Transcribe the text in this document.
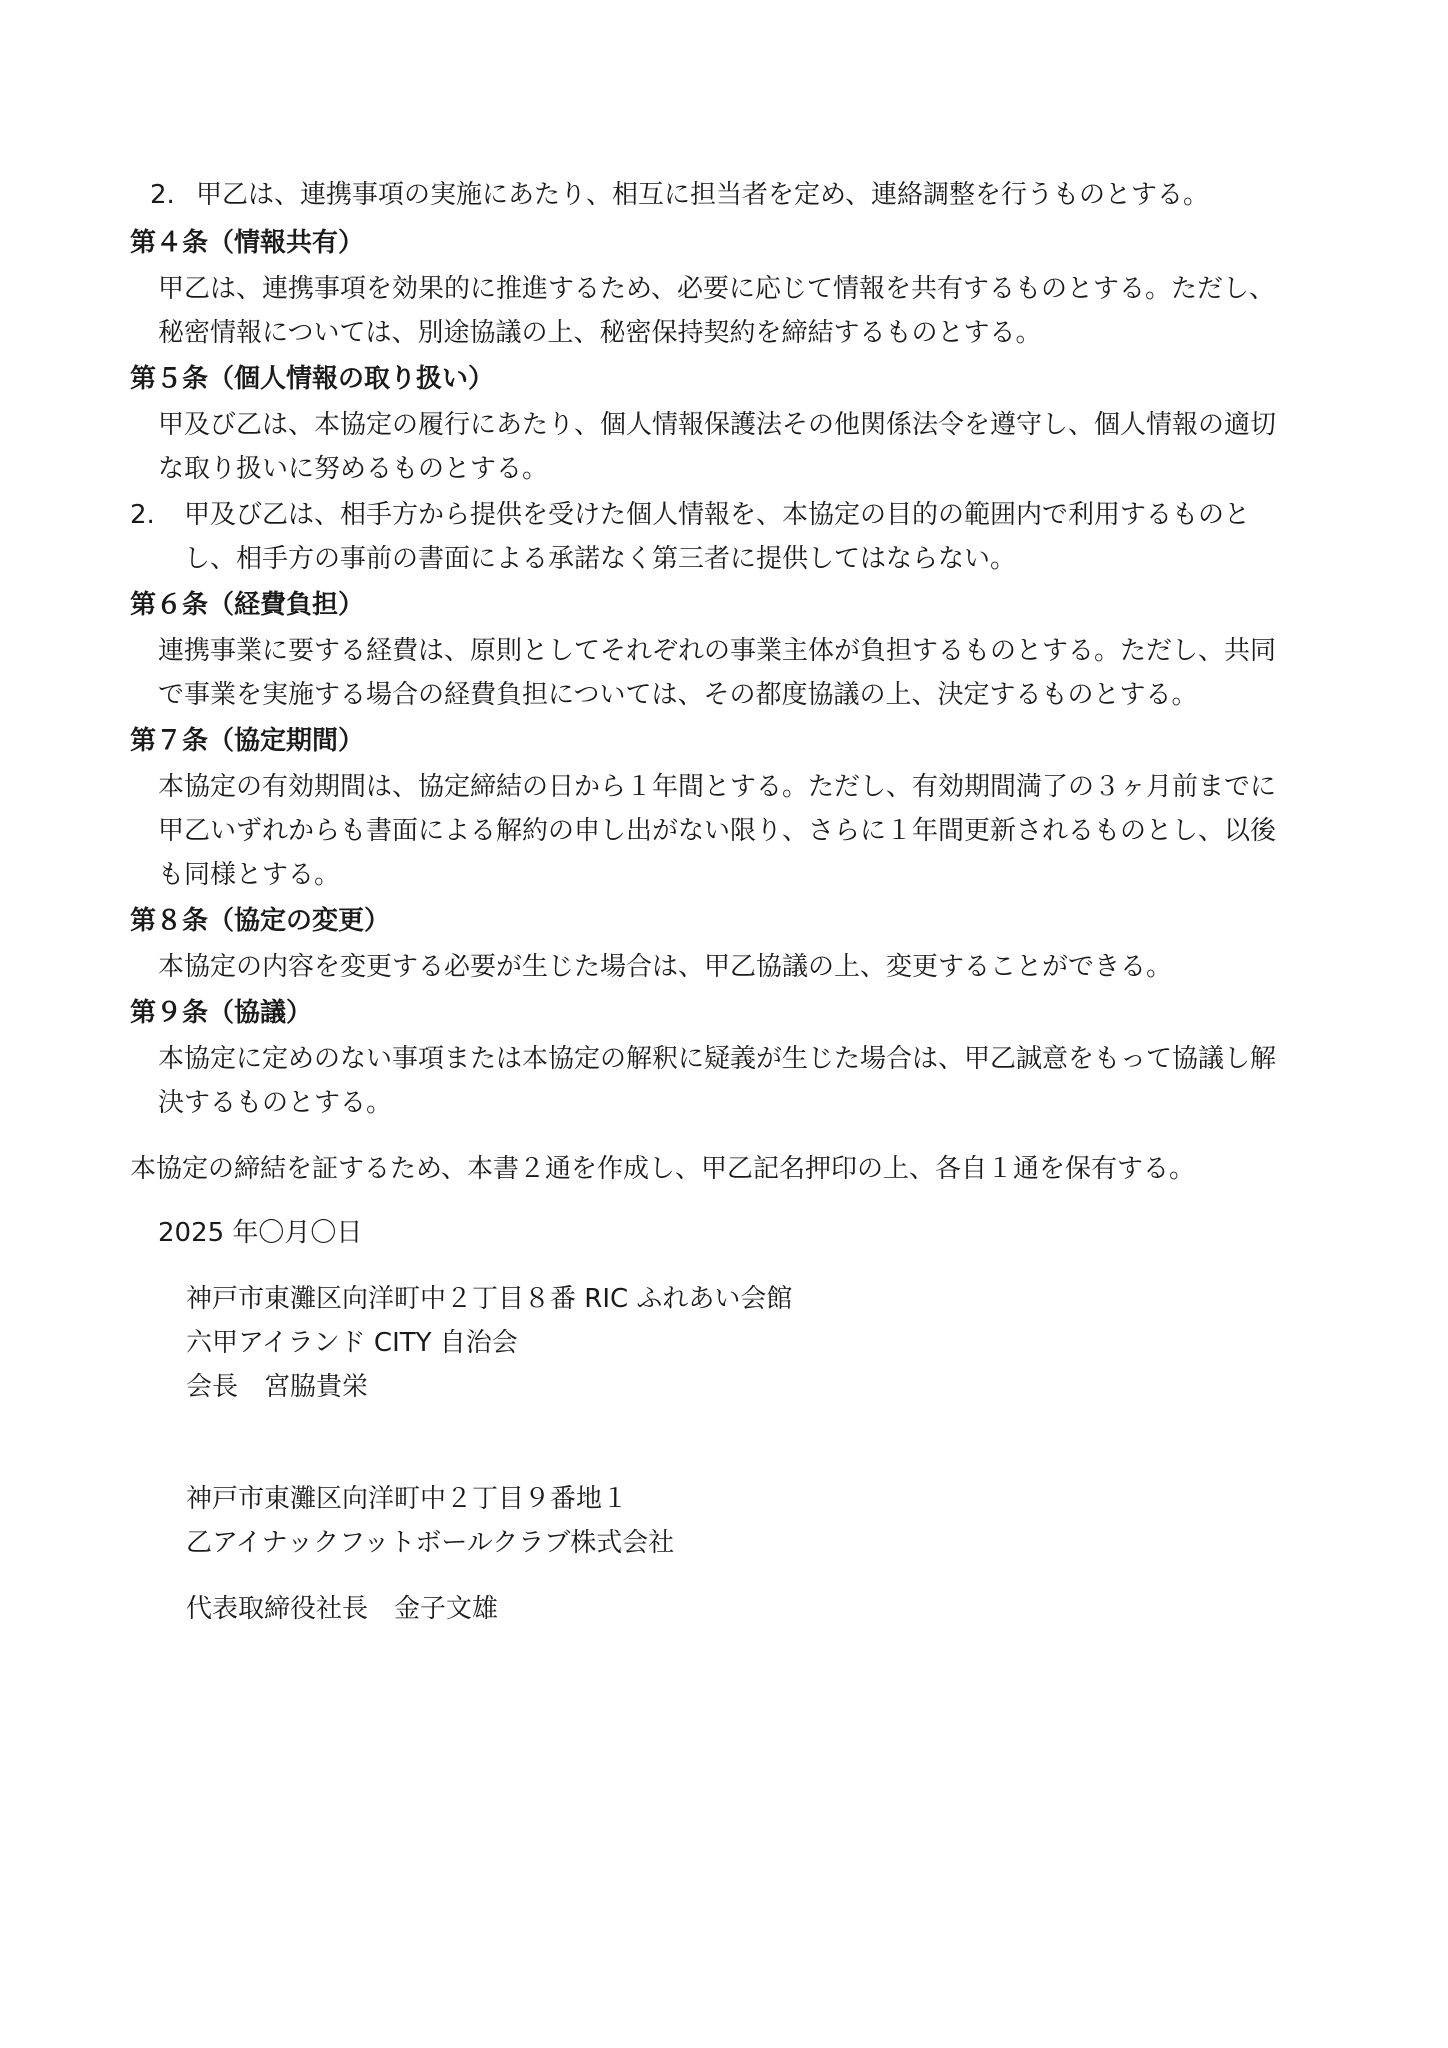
2. 甲乙は、連携事項の実施にあたり、相互に担当者を定め、連絡調整を行うものとする。
第４条（情報共有）
甲乙は、連携事項を効果的に推進するため、必要に応じて情報を共有するものとする。ただし、
秘密情報については、別途協議の上、秘密保持契約を締結するものとする。
第５条（個人情報の取り扱い）
甲及び乙は、本協定の履行にあたり、個人情報保護法その他関係法令を遵守し、個人情報の適切
な取り扱いに努めるものとする。
2. 甲及び乙は、相手方から提供を受けた個人情報を、本協定の目的の範囲内で利用するものと
し、相手方の事前の書面による承諾なく第三者に提供してはならない。
第６条（経費負担）
連携事業に要する経費は、原則としてそれぞれの事業主体が負担するものとする。ただし、共同
で事業を実施する場合の経費負担については、その都度協議の上、決定するものとする。
第７条（協定期間）
本協定の有効期間は、協定締結の日から１年間とする。ただし、有効期間満了の３ヶ月前までに
甲乙いずれからも書面による解約の申し出がない限り、さらに１年間更新されるものとし、以後
も同様とする。
第８条（協定の変更）
本協定の内容を変更する必要が生じた場合は、甲乙協議の上、変更することができる。
第９条（協議）
本協定に定めのない事項または本協定の解釈に疑義が生じた場合は、甲乙誠意をもって協議し解
決するものとする。
本協定の締結を証するため、本書２通を作成し、甲乙記名押印の上、各自１通を保有する。
2025 年〇月〇日
神戸市東灘区向洋町中２丁目８番 RIC ふれあい会館
六甲アイランド CITY 自治会
会長　宮脇貴栄
神戸市東灘区向洋町中２丁目９番地１
乙アイナックフットボールクラブ株式会社
代表取締役社長　金子文雄
